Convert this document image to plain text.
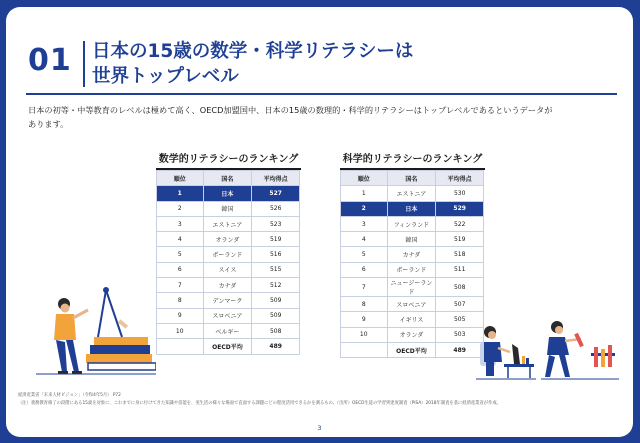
01 日本の15歳の数学・科学リテラシーは
世界トップレベル
日本の初等・中等教育のレベルは極めて高く、OECD加盟国中、日本の15歳の数理的・科学的リテラシーはトップレベルであるというデータが
あります。
数学的リテラシーのランキング
順位	国名	平均得点
1	日本	527
2	韓国	526
3	エストニア	523
4	オランダ	519
5	ポーランド	516
6	スイス	515
7	カナダ	512
8	デンマーク	509
9	スロベニア	509
10	ベルギー	508
	OECD平均	489
科学的リテラシーのランキング
順位	国名	平均得点
1	エストニア	530
2	日本	529
3	フィンランド	522
4	韓国	519
5	カナダ	518
6	ポーランド	511
7	ニュージーランド	508
8	スロベニア	507
9	イギリス	505
10	オランダ	503
	OECD平均	489
経済産業省「未来人材ビジョン」（令和4年5月） P72
（注）義務教育修了の段階にある15歳を対象に、これまでに身に付けてきた知識や技能を、実生活の様々な場面で直面する課題にどの程度活用できるかを測るもの。（出所）OECD生徒の学習到達度調査（PISA）2018年調査を基に経済産業省が作成。
3
